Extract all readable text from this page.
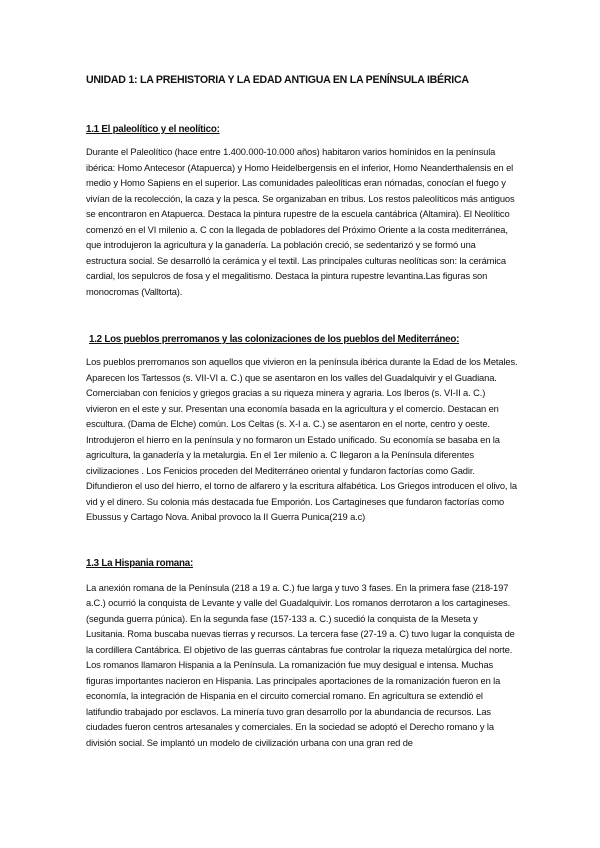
UNIDAD 1: LA PREHISTORIA Y LA EDAD ANTIGUA EN LA PENÍNSULA IBÉRICA
1.1 El paleolítico y el neolítico:

Durante el Paleolítico (hace entre 1.400.000-10.000 años) habitaron varios homínidos en la península ibérica: Homo Antecesor (Atapuerca) y Homo Heidelbergensis en el inferior, Homo Neanderthalensis en el medio y Homo Sapiens en el superior. Las comunidades paleolíticas eran nómadas, conocían el fuego y vivían de la recolección, la caza y la pesca. Se organizaban en tribus. Los restos paleolíticos más antiguos se encontraron en Atapuerca. Destaca la pintura rupestre de la escuela cantábrica (Altamira). El Neolítico comenzó en el VI milenio a. C con la llegada de pobladores del Próximo Oriente a la costa mediterránea, que introdujeron la agricultura y la ganadería. La población creció, se sedentarizó y se formó una estructura social. Se desarrolló la cerámica y el textil. Las principales culturas neolíticas son: la cerámica cardial, los sepulcros de fosa y el megalitismo. Destaca la pintura rupestre levantina.Las figuras son monocromas (Valltorta).

1.2 Los pueblos prerromanos y las colonizaciones de los pueblos del Mediterráneo:

Los pueblos prerromanos son aquellos que vivieron en la península ibérica durante la Edad de los Metales. Aparecen los Tartessos (s. VII-VI a. C.) que se asentaron en los valles del Guadalquivir y el Guadiana. Comerciaban con fenicios y griegos gracias a su riqueza minera y agraria. Los Iberos (s. VI-II a. C.) vivieron en el este y sur. Presentan una economía basada en la agricultura y el comercio. Destacan en escultura. (Dama de Elche) común. Los Celtas (s. X-I a. C.) se asentaron en el norte, centro y oeste. Introdujeron el hierro en la península y no formaron un Estado unificado. Su economía se basaba en la agricultura, la ganadería y la metalurgia. En el 1er milenio a. C llegaron a la Península diferentes civilizaciones . Los Fenicios proceden del Mediterráneo oriental y fundaron factorías como Gadir. Difundieron el uso del hierro, el torno de alfarero y la escritura alfabética. Los Griegos introducen el olivo, la vid y el dinero. Su colonia más destacada fue Emporión. Los Cartagineses que fundaron factorías como Ebussus y Cartago Nova. Anibal provoco la II Guerra Punica(219 a.c)

1.3 La Hispania romana:

La anexión romana de la Península (218 a 19 a. C.) fue larga y tuvo 3 fases. En la primera fase (218-197 a.C.) ocurrió la conquista de Levante y valle del Guadalquivir. Los romanos derrotaron a los cartagineses. (segunda guerra púnica). En la segunda fase (157-133 a. C.) sucedió la conquista de la Meseta y Lusitania. Roma buscaba nuevas tierras y recursos. La tercera fase (27-19 a. C) tuvo lugar la conquista de la cordillera Cantábrica. El objetivo de las guerras cántabras fue controlar la riqueza metalúrgica del norte. Los romanos llamaron Hispania a la Península. La romanización fue muy desigual e intensa. Muchas figuras importantes nacieron en Hispania. Las principales aportaciones de la romanización fueron en la economía, la integración de Hispania en el circuito comercial romano. En agricultura se extendió el latifundio trabajado por esclavos. La minería tuvo gran desarrollo por la abundancia de recursos. Las ciudades fueron centros artesanales y comerciales. En la sociedad se adoptó el Derecho romano y la división social. Se implantó un modelo de civilización urbana con una gran red de
